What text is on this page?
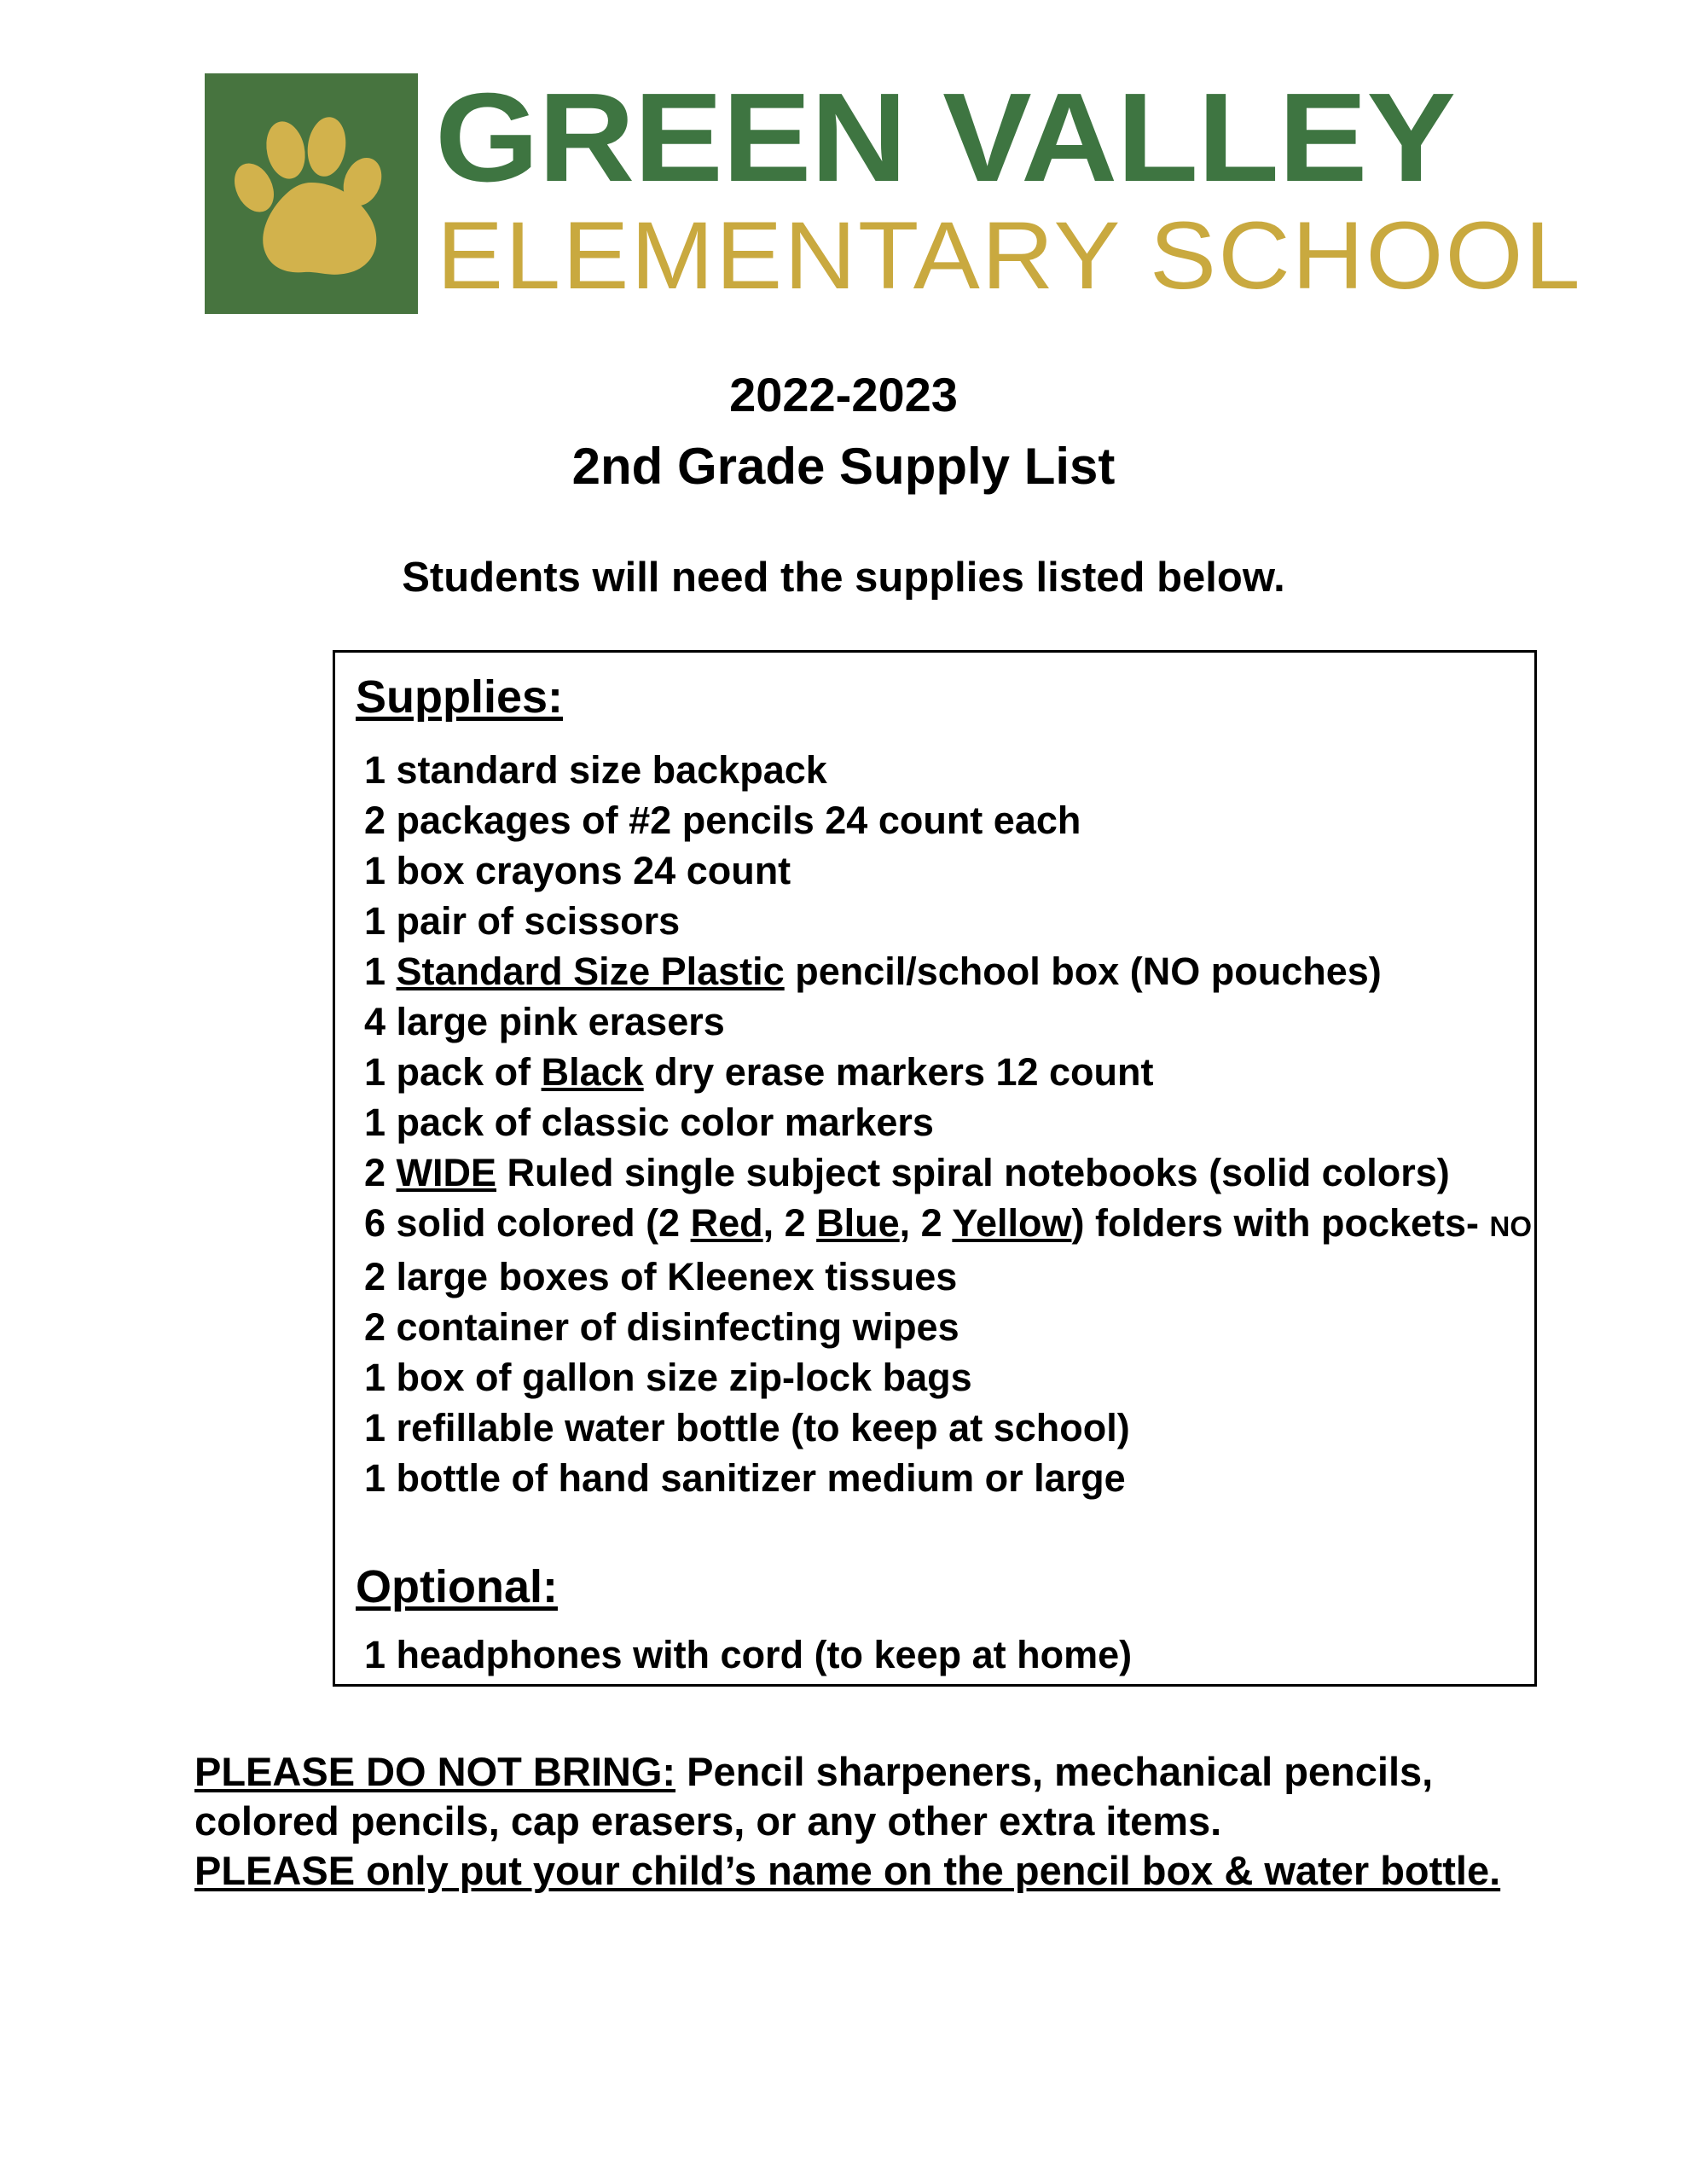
GREEN VALLEY
ELEMENTARY SCHOOL
2022-2023
2nd Grade Supply List
Students will need the supplies listed below.
Supplies:
1 standard size backpack
2 packages of #2 pencils 24 count each
1 box crayons 24 count
1 pair of scissors
1 Standard Size Plastic pencil/school box (NO pouches)
4 large pink erasers
1 pack of Black dry erase markers 12 count
1 pack of classic color markers
2 WIDE Ruled single subject spiral notebooks (solid colors)
6 solid colored (2 Red, 2 Blue, 2 Yellow) folders with pockets- NO
2 large boxes of Kleenex tissues
2 container of disinfecting wipes
1 box of gallon size zip-lock bags
1 refillable water bottle (to keep at school)
1 bottle of hand sanitizer medium or large
Optional:
1 headphones with cord (to keep at home)
PLEASE DO NOT BRING: Pencil sharpeners, mechanical pencils,
colored pencils, cap erasers, or any other extra items.
PLEASE only put your child’s name on the pencil box & water bottle.
